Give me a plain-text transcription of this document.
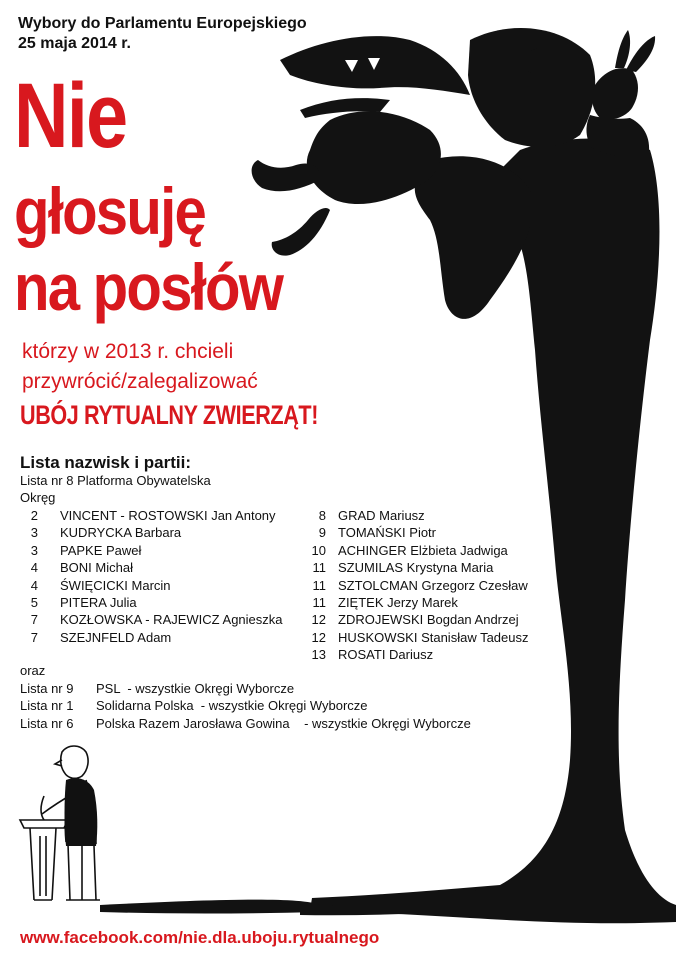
Wybory do Parlamentu Europejskiego
25 maja 2014 r.
Nie
głosuję
na posłów
którzy w 2013 r. chcieli
przywrócić/zalegalizować
UBÓJ RYTUALNY ZWIERZĄT!
Lista nazwisk i partii:
Lista nr 8 Platforma Obywatelska
Okręg
2 VINCENT - ROSTOWSKI Jan Antony
3 KUDRYCKA Barbara
3 PAPKE Paweł
4 BONI Michał
4 ŚWIĘCICKI Marcin
5 PITERA Julia
7 KOZŁOWSKA - RAJEWICZ Agnieszka
7 SZEJNFELD Adam
8 GRAD Mariusz
9 TOMAŃSKI Piotr
10 ACHINGER Elżbieta Jadwiga
11 SZUMILAS Krystyna Maria
11 SZTOLCMAN Grzegorz Czesław
11 ZIĘTEK Jerzy Marek
12 ZDROJEWSKI Bogdan Andrzej
12 HUSKOWSKI Stanisław Tadeusz
13 ROSATI Dariusz
oraz
Lista nr 9 PSL  - wszystkie Okręgi Wyborcze
Lista nr 1 Solidarna Polska  - wszystkie Okręgi Wyborcze
Lista nr 6 Polska Razem Jarosława Gowina    - wszystkie Okręgi Wyborcze
www.facebook.com/nie.dla.uboju.rytualnego
